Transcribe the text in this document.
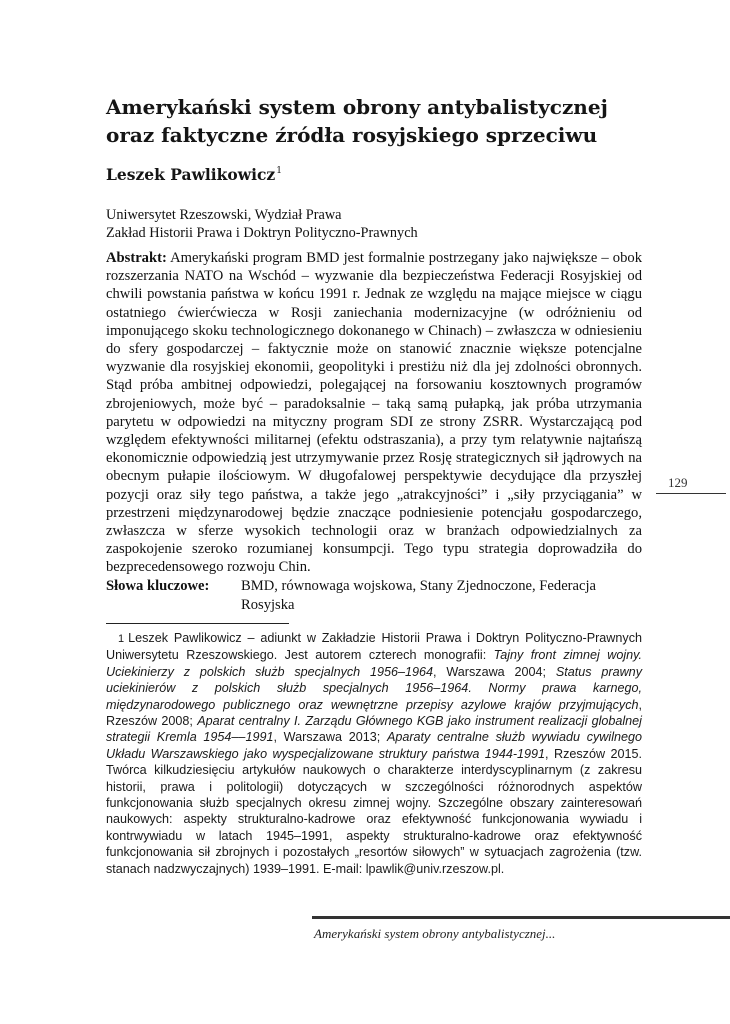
Amerykański system obrony antybalistycznej
oraz faktyczne źródła rosyjskiego sprzeciwu
Leszek Pawlikowicz$^1$
Uniwersytet Rzeszowski, Wydział Prawa
Zakład Historii Prawa i Doktryn Polityczno-Prawnych

Abstrakt: Amerykański program BMD jest formalnie postrzegany jako największe – obok rozszerzania NATO na Wschód – wyzwanie dla bezpieczeństwa Federacji Rosyjskiej od chwili powstania państwa w końcu 1991 r. Jednak ze względu na mające miejsce w ciągu ostatniego ćwierćwiecza w Rosji zaniechania modernizacyjne (w odróżnieniu od imponującego skoku technologicznego dokonanego w Chinach) – zwłaszcza w odniesieniu do sfery gospodarczej – faktycznie może on stanowić znacznie większe potencjalne wyzwanie dla rosyjskiej ekonomii, geopolityki i prestiżu niż dla jej zdolności obronnych. Stąd próba ambitnej odpowiedzi, polegającej na forsowaniu kosztownych programów zbrojeniowych, może być – paradoksalnie – taką samą pułapką, jak próba utrzymania parytetu w odpowiedzi na mityczny program SDI ze strony ZSRR. Wystarczającą pod względem efektywności militarnej (efektu odstraszania), a przy tym relatywnie najtańszą ekonomicznie odpowiedzią jest utrzymywanie przez Rosję strategicznych sił jądrowych na obecnym pułapie ilościowym. W długofalowej perspektywie decydujące dla przyszłej pozycji oraz siły tego państwa, a także jego „atrakcyjności” i „siły przyciągania” w przestrzeni międzynarodowej będzie znaczące podniesienie potencjału gospodarczego, zwłaszcza w sferze wysokich technologii oraz w branżach odpowiedzialnych za zaspokojenie szeroko rozumianej konsumpcji. Tego typu strategia doprowadziła do bezprecedensowego rozwoju Chin.

Słowa kluczowe: BMD, równowaga wojskowa, Stany Zjednoczone, Federacja
Rosyjska

1 Leszek Pawlikowicz – adiunkt w Zakładzie Historii Prawa i Doktryn Polityczno-Prawnych Uniwersytetu Rzeszowskiego. Jest autorem czterech monografii: Tajny front zimnej wojny. Uciekinierzy z polskich służb specjalnych 1956–1964, Warszawa 2004; Status prawny uciekinierów z polskich służb specjalnych 1956–1964. Normy prawa karnego, międzynarodowego publicznego oraz wewnętrzne przepisy azylowe krajów przyjmujących, Rzeszów 2008; Aparat centralny I. Zarządu Głównego KGB jako instrument realizacji globalnej strategii Kremla 1954––1991, Warszawa 2013; Aparaty centralne służb wywiadu cywilnego Układu Warszawskiego jako wyspecjalizowane struktury państwa 1944-1991, Rzeszów 2015. Twórca kilkudziesięciu artykułów naukowych o charakterze interdyscyplinarnym (z zakresu historii, prawa i politologii) dotyczących w szczególności różnorodnych aspektów funkcjonowania służb specjalnych okresu zimnej wojny. Szczególne obszary zainteresowań naukowych: aspekty strukturalno-kadrowe oraz efektywność funkcjonowania wywiadu i kontrwywiadu w latach 1945–1991, aspekty strukturalno-kadrowe oraz efektywność funkcjonowania sił zbrojnych i pozostałych „resortów siłowych” w sytuacjach zagrożenia (tzw. stanach nadzwyczajnych) 1939–1991. E-mail: lpawlik@univ.rzeszow.pl.

129
Amerykański system obrony antybalistycznej...
